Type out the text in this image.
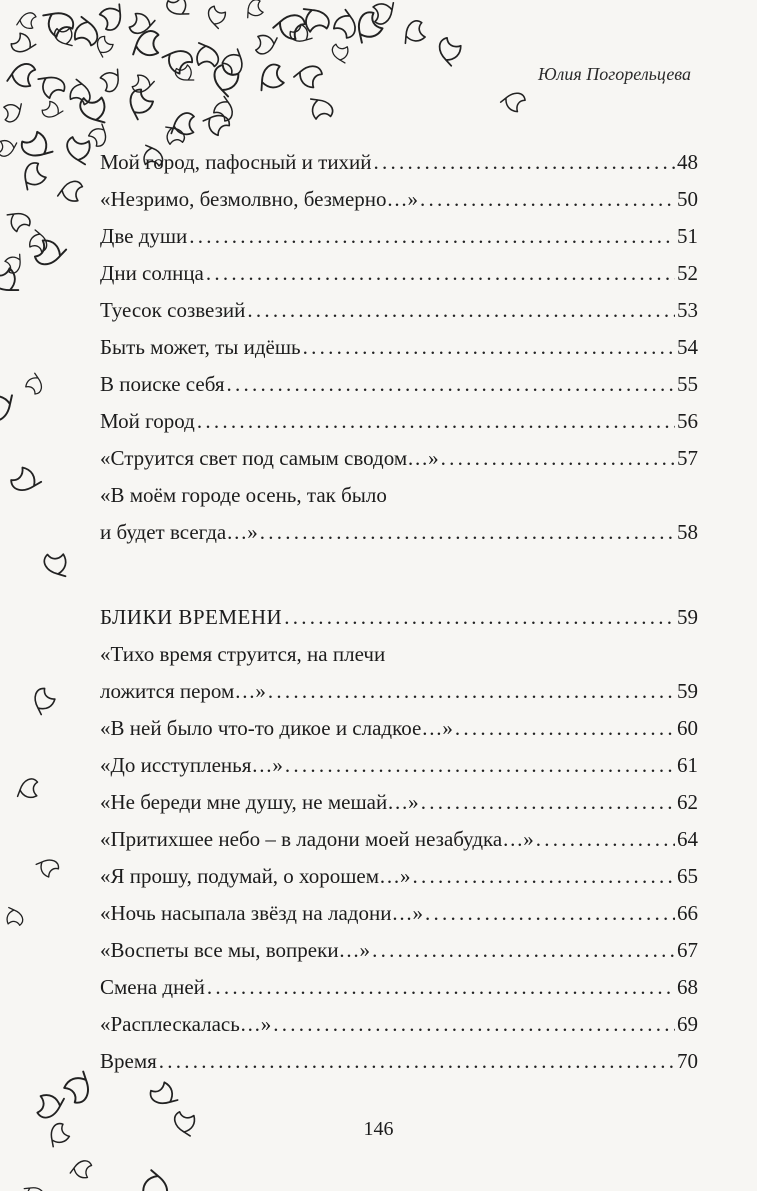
Юлия Погорельцева
Мой город, пафосный и тихий . . .	48
«Незримо, безмолвно, безмерно…» . . .	50
Две души . . .	51
Дни солнца . . .	52
Туесок созвезий . . .	53
Быть может, ты идёшь . . .	54
В поиске себя . . .	55
Мой город . . .	56
«Струится свет под самым сводом…» . . .	57
«В моём городе осень, так было
и будет всегда…» . . .	58
БЛИКИ ВРЕМЕНИ . . .	59
«Тихо время струится, на плечи
ложится пером…» . . .	59
«В ней было что-то дикое и сладкое…» . . .	60
«До исступленья…» . . .	61
«Не береди мне душу, не мешай…» . . .	62
«Притихшее небо – в ладони моей незабудка…» . . .	64
«Я прошу, подумай, о хорошем…» . . .	65
«Ночь насыпала звёзд на ладони…» . . .	66
«Воспеты все мы, вопреки…» . . .	67
Смена дней . . .	68
«Расплескалась…» . . .	69
Время . . .	70
146
